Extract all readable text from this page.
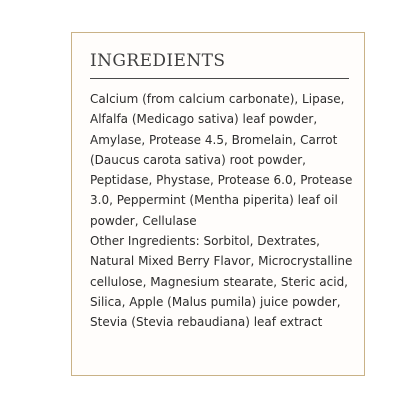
INGREDIENTS
Calcium (from calcium carbonate), Lipase,
Alfalfa (Medicago sativa) leaf powder,
Amylase, Protease 4.5, Bromelain, Carrot
(Daucus carota sativa) root powder,
Peptidase, Phystase, Protease 6.0, Protease
3.0, Peppermint (Mentha piperita) leaf oil
powder, Cellulase
Other Ingredients: Sorbitol, Dextrates,
Natural Mixed Berry Flavor, Microcrystalline
cellulose, Magnesium stearate, Steric acid,
Silica, Apple (Malus pumila) juice powder,
Stevia (Stevia rebaudiana) leaf extract
